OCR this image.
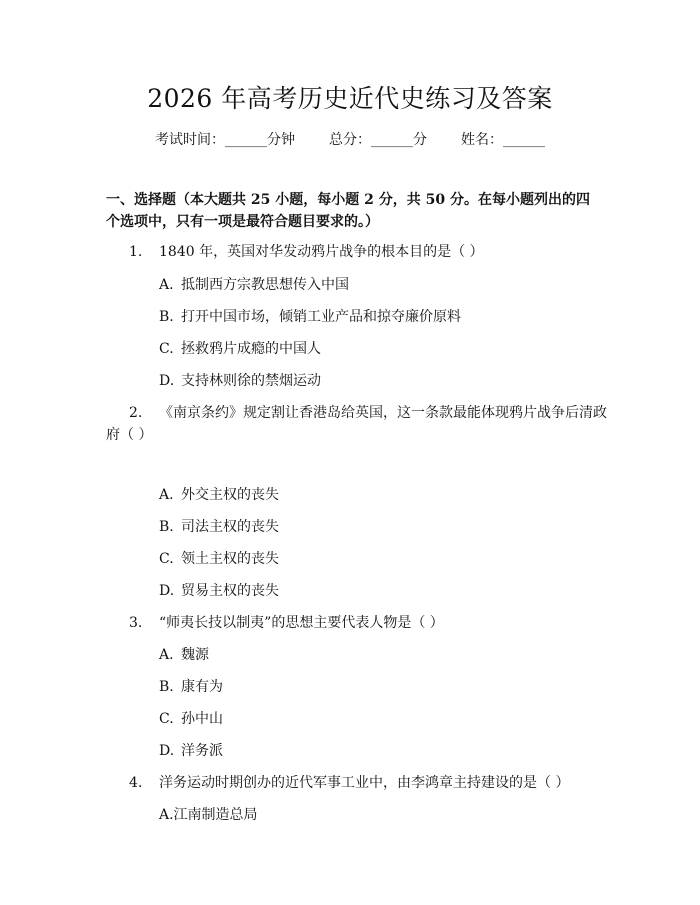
2026 年高考历史近代史练习及答案
考试时间：______分钟 总分：______分 姓名：______
一、选择题（本大题共 25 小题，每小题 2 分，共 50 分。在每小题列出的四个选项中，只有一项是最符合题目要求的。）
1.	1840 年，英国对华发动鸦片战争的根本目的是（ ）
A. 抵制西方宗教思想传入中国
B. 打开中国市场，倾销工业产品和掠夺廉价原料
C. 拯救鸦片成瘾的中国人
D. 支持林则徐的禁烟运动
2.	《南京条约》规定割让香港岛给英国，这一条款最能体现鸦片战争后清政
府（ ）
A. 外交主权的丧失
B. 司法主权的丧失
C. 领土主权的丧失
D. 贸易主权的丧失
3.	“师夷长技以制夷”的思想主要代表人物是（ ）
A. 魏源
B. 康有为
C. 孙中山
D. 洋务派
4.	洋务运动时期创办的近代军事工业中，由李鸿章主持建设的是（ ）
A.江南制造总局
